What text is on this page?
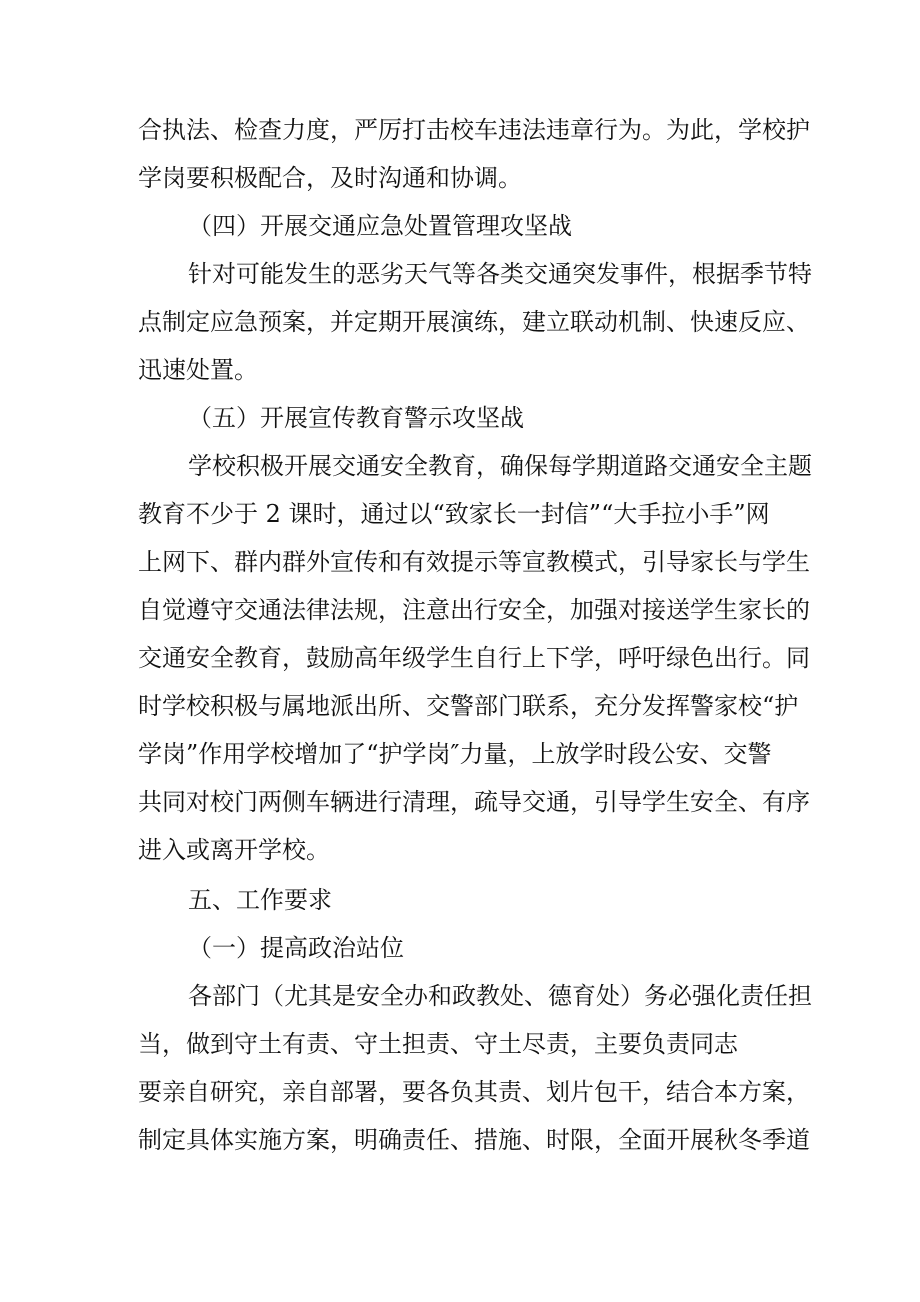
合执法、检查力度，严厉打击校车违法违章行为。为此，学校护
学岗要积极配合，及时沟通和协调。
（四）开展交通应急处置管理攻坚战
针对可能发生的恶劣天气等各类交通突发事件，根据季节特
点制定应急预案，并定期开展演练，建立联动机制、快速反应、
迅速处置。
（五）开展宣传教育警示攻坚战
学校积极开展交通安全教育，确保每学期道路交通安全主题
教育不少于 2 课时，通过以“致家长一封信”“大手拉小手”网
上网下、群内群外宣传和有效提示等宣教模式，引导家长与学生
自觉遵守交通法律法规，注意出行安全，加强对接送学生家长的
交通安全教育，鼓励高年级学生自行上下学，呼吁绿色出行。同
时学校积极与属地派出所、交警部门联系，充分发挥警家校“护
学岗”作用学校增加了“护学岗″力量，上放学时段公安、交警
共同对校门两侧车辆进行清理，疏导交通，引导学生安全、有序
进入或离开学校。
五、工作要求
（一）提高政治站位
各部门（尤其是安全办和政教处、德育处）务必强化责任担
当，做到守土有责、守土担责、守土尽责，主要负责同志
要亲自研究，亲自部署，要各负其责、划片包干，结合本方案，
制定具体实施方案，明确责任、措施、时限，全面开展秋冬季道
